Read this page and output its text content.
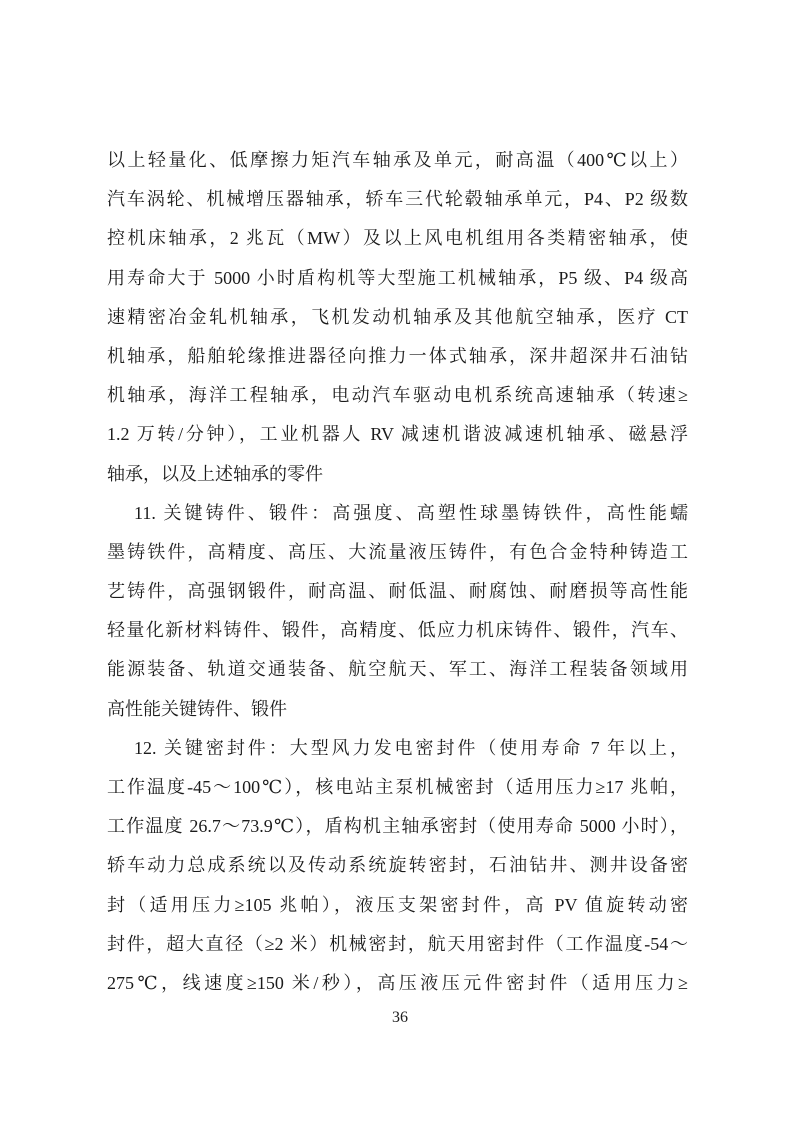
以上轻量化、低摩擦力矩汽车轴承及单元，耐高温（400℃以上）
汽车涡轮、机械增压器轴承，轿车三代轮毂轴承单元，P4、P2 级数
控机床轴承，2 兆瓦（MW）及以上风电机组用各类精密轴承，使
用寿命大于 5000 小时盾构机等大型施工机械轴承，P5 级、P4 级高
速精密冶金轧机轴承，飞机发动机轴承及其他航空轴承，医疗 CT
机轴承，船舶轮缘推进器径向推力一体式轴承，深井超深井石油钻
机轴承，海洋工程轴承，电动汽车驱动电机系统高速轴承（转速≥
1.2 万转/分钟），工业机器人 RV 减速机谐波减速机轴承、磁悬浮
轴承，以及上述轴承的零件
11. 关键铸件、锻件：高强度、高塑性球墨铸铁件，高性能蠕
墨铸铁件，高精度、高压、大流量液压铸件，有色合金特种铸造工
艺铸件，高强钢锻件，耐高温、耐低温、耐腐蚀、耐磨损等高性能
轻量化新材料铸件、锻件，高精度、低应力机床铸件、锻件，汽车、
能源装备、轨道交通装备、航空航天、军工、海洋工程装备领域用
高性能关键铸件、锻件
12. 关键密封件：大型风力发电密封件（使用寿命 7 年以上，
工作温度-45～100℃），核电站主泵机械密封（适用压力≥17 兆帕，
工作温度 26.7～73.9℃），盾构机主轴承密封（使用寿命 5000 小时），
轿车动力总成系统以及传动系统旋转密封，石油钻井、测井设备密
封（适用压力≥105 兆帕），液压支架密封件，高 PV 值旋转动密
封件，超大直径（≥2 米）机械密封，航天用密封件（工作温度-54～
275℃，线速度≥150 米/秒），高压液压元件密封件（适用压力≥
36
